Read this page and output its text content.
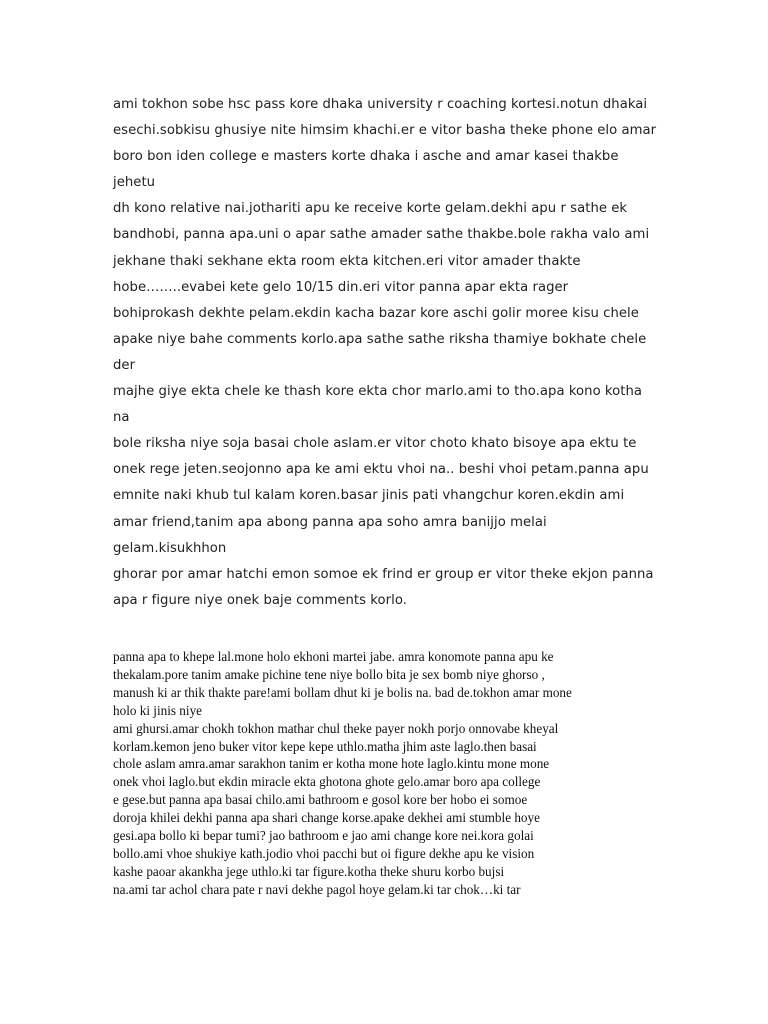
ami tokhon sobe hsc pass kore dhaka university r coaching kortesi.notun dhakai
esechi.sobkisu ghusiye nite himsim khachi.er e vitor basha theke phone elo amar
boro bon iden college e masters korte dhaka i asche and amar kasei thakbe
jehetu
dh kono relative nai.jothariti apu ke receive korte gelam.dekhi apu r sathe ek
bandhobi, panna apa.uni o apar sathe amader sathe thakbe.bole rakha valo ami
jekhane thaki sekhane ekta room ekta kitchen.eri vitor amader thakte
hobe……..evabei kete gelo 10/15 din.eri vitor panna apar ekta rager
bohiprokash dekhte pelam.ekdin kacha bazar kore aschi golir moree kisu chele
apake niye bahe comments korlo.apa sathe sathe riksha thamiye bokhate chele
der
majhe giye ekta chele ke thash kore ekta chor marlo.ami to tho.apa kono kotha
na
bole riksha niye soja basai chole aslam.er vitor choto khato bisoye apa ektu te
onek rege jeten.seojonno apa ke ami ektu vhoi na.. beshi vhoi petam.panna apu
emnite naki khub tul kalam koren.basar jinis pati vhangchur koren.ekdin ami
amar friend,tanim apa abong panna apa soho amra banijjo melai
gelam.kisukhhon
ghorar por amar hatchi emon somoe ek frind er group er vitor theke ekjon panna
apa r figure niye onek baje comments korlo.
panna apa to khepe lal.mone holo ekhoni martei jabe. amra konomote panna apu ke
thekalam.pore tanim amake pichine tene niye bollo bita je sex bomb niye ghorso ,
manush ki ar thik thakte pare!ami bollam dhut ki je bolis na. bad de.tokhon amar mone
holo ki jinis niye
ami ghursi.amar chokh tokhon mathar chul theke payer nokh porjo onnovabe kheyal
korlam.kemon jeno buker vitor kepe kepe uthlo.matha jhim aste laglo.then basai
chole aslam amra.amar sarakhon tanim er kotha mone hote laglo.kintu mone mone
onek vhoi laglo.but ekdin miracle ekta ghotona ghote gelo.amar boro apa college
e gese.but panna apa basai chilo.ami bathroom e gosol kore ber hobo ei somoe
doroja khilei dekhi panna apa shari change korse.apake dekhei ami stumble hoye
gesi.apa bollo ki bepar tumi? jao bathroom e jao ami change kore nei.kora golai
bollo.ami vhoe shukiye kath.jodio vhoi pacchi but oi figure dekhe apu ke vision
kashe paoar akankha jege uthlo.ki tar figure.kotha theke shuru korbo bujsi
na.ami tar achol chara pate r navi dekhe pagol hoye gelam.ki tar chok…ki tar
